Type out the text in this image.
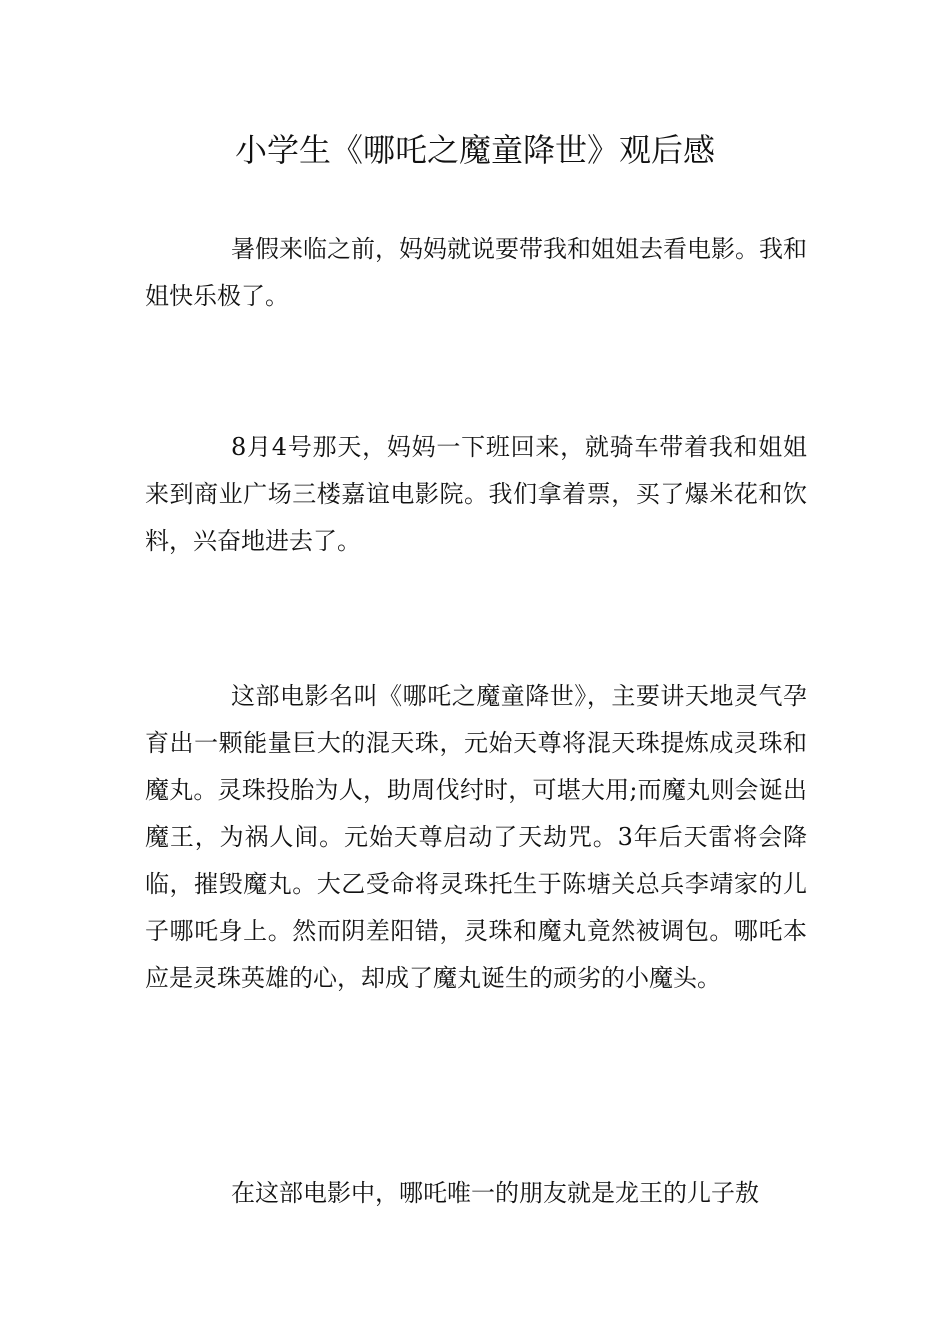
小学生《哪吒之魔童降世》观后感

暑假来临之前，妈妈就说要带我和姐姐去看电影。我和姐快乐极了。

8月4号那天，妈妈一下班回来，就骑车带着我和姐姐来到商业广场三楼嘉谊电影院。我们拿着票，买了爆米花和饮料，兴奋地进去了。

这部电影名叫《哪吒之魔童降世》，主要讲天地灵气孕育出一颗能量巨大的混天珠，元始天尊将混天珠提炼成灵珠和魔丸。灵珠投胎为人，助周伐纣时，可堪大用;而魔丸则会诞出魔王，为祸人间。元始天尊启动了天劫咒。3年后天雷将会降临，摧毁魔丸。大乙受命将灵珠托生于陈塘关总兵李靖家的儿子哪吒身上。然而阴差阳错，灵珠和魔丸竟然被调包。哪吒本应是灵珠英雄的心，却成了魔丸诞生的顽劣的小魔头。

在这部电影中，哪吒唯一的朋友就是龙王的儿子敖
